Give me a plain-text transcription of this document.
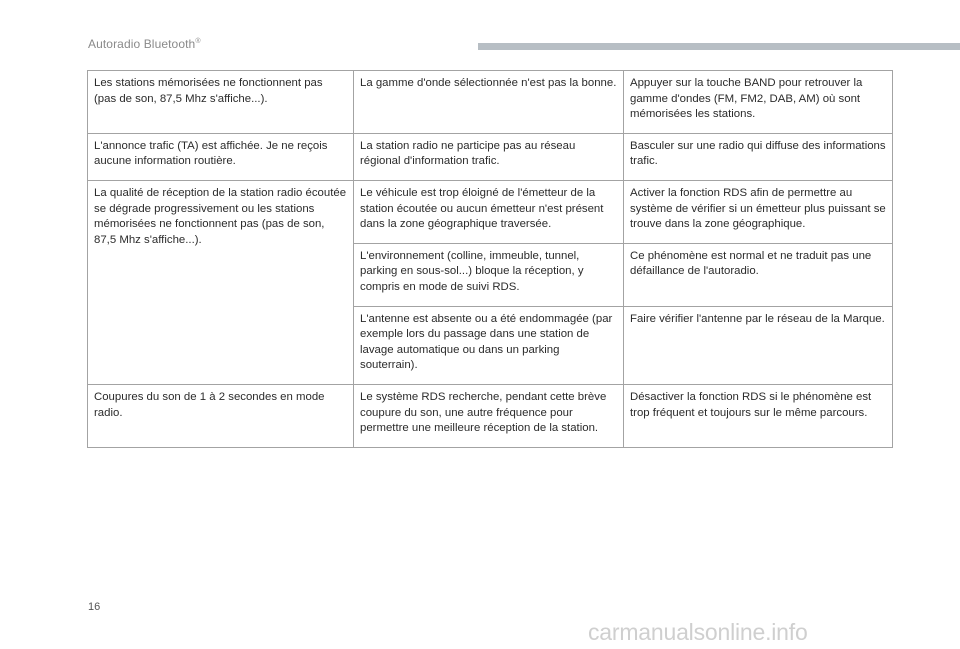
Autoradio Bluetooth®
Les stations mémorisées ne fonctionnent pas (pas de son, 87,5 Mhz s'affiche...).	La gamme d'onde sélectionnée n'est pas la bonne.	Appuyer sur la touche BAND pour retrouver la gamme d'ondes (FM, FM2, DAB, AM) où sont mémorisées les stations.
L'annonce trafic (TA) est affichée. Je ne reçois aucune information routière.	La station radio ne participe pas au réseau régional d'information trafic.	Basculer sur une radio qui diffuse des informations trafic.
La qualité de réception de la station radio écoutée se dégrade progressivement ou les stations mémorisées ne fonctionnent pas (pas de son, 87,5 Mhz s'affiche...).	Le véhicule est trop éloigné de l'émetteur de la station écoutée ou aucun émetteur n'est présent dans la zone géographique traversée.	Activer la fonction RDS afin de permettre au système de vérifier si un émetteur plus puissant se trouve dans la zone géographique.
	L'environnement (colline, immeuble, tunnel, parking en sous-sol...) bloque la réception, y compris en mode de suivi RDS.	Ce phénomène est normal et ne traduit pas une défaillance de l'autoradio.
	L'antenne est absente ou a été endommagée (par exemple lors du passage dans une station de lavage automatique ou dans un parking souterrain).	Faire vérifier l'antenne par le réseau de la Marque.
Coupures du son de 1 à 2 secondes en mode radio.	Le système RDS recherche, pendant cette brève coupure du son, une autre fréquence pour permettre une meilleure réception de la station.	Désactiver la fonction RDS si le phénomène est trop fréquent et toujours sur le même parcours.
16
carmanualsonline.info
